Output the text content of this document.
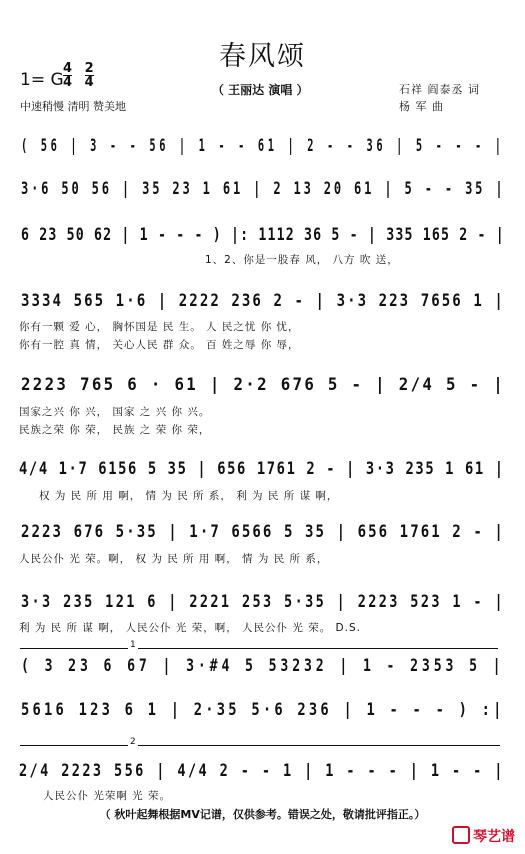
春风颂
1= G
4 2
4 4	（ 王丽达 演唱 ）
中速稍慢 清明 赞美地
石祥 阎泰丞 词
杨 军 曲
( 56 | 3 - - 56 | 1 - - 61 | 2 - - 36 | 5 - - - |
3·6 50 56 | 35 23 1 61 | 2 13 20 61 | 5 - - 35 |
6 23 50 62 | 1 - - - ) |: 1112 36 5 - | 335 165 2 - |
1、2、你是一股春 风， 八方 吹 送，
3334 565 1·6 | 2222 236 2 - | 3·3 223 7656 1 |
你有一颗 爱 心， 胸怀国是 民 生。 人 民之忧 你 忧，
你有一腔 真 情， 关心人民 群 众。 百 姓之辱 你 辱，
2223 765 6 · 61 | 2·2 676 5 - | 2/4 5 - |
国家之兴 你 兴， 国家 之 兴 你 兴。
民族之荣 你 荣， 民族 之 荣 你 荣，
4/4 1·7 6156 5 35 | 656 1761 2 - | 3·3 235 1 61 |
权 为 民 所 用 啊， 情 为 民 所 系， 利 为 民 所 谋 啊，
2223 676 5·35 | 1·7 6566 5 35 | 656 1761 2 - |
人民公仆 光 荣。啊， 权 为 民 所 用 啊， 情 为 民 所 系，
3·3 235 121 6 | 2221 253 5·35 | 2223 523 1 - |
利 为 民 所 谋 啊， 人民公仆 光 荣，啊， 人民公仆 光 荣。 D.S.
1
( 3 23 6 67 | 3·#4 5 53232 | 1 - 2353 5 |
5616 123 6 1 | 2·35 5·6 236 | 1 - - - ) :|
2
2/4 2223 556 | 4/4 2 - - 1 | 1 - - - | 1 - - |
人民公仆 光荣啊 光 荣。
（ 秋叶起舞根据MV记谱，仅供参考。错误之处，敬请批评指正。）
琴艺谱
